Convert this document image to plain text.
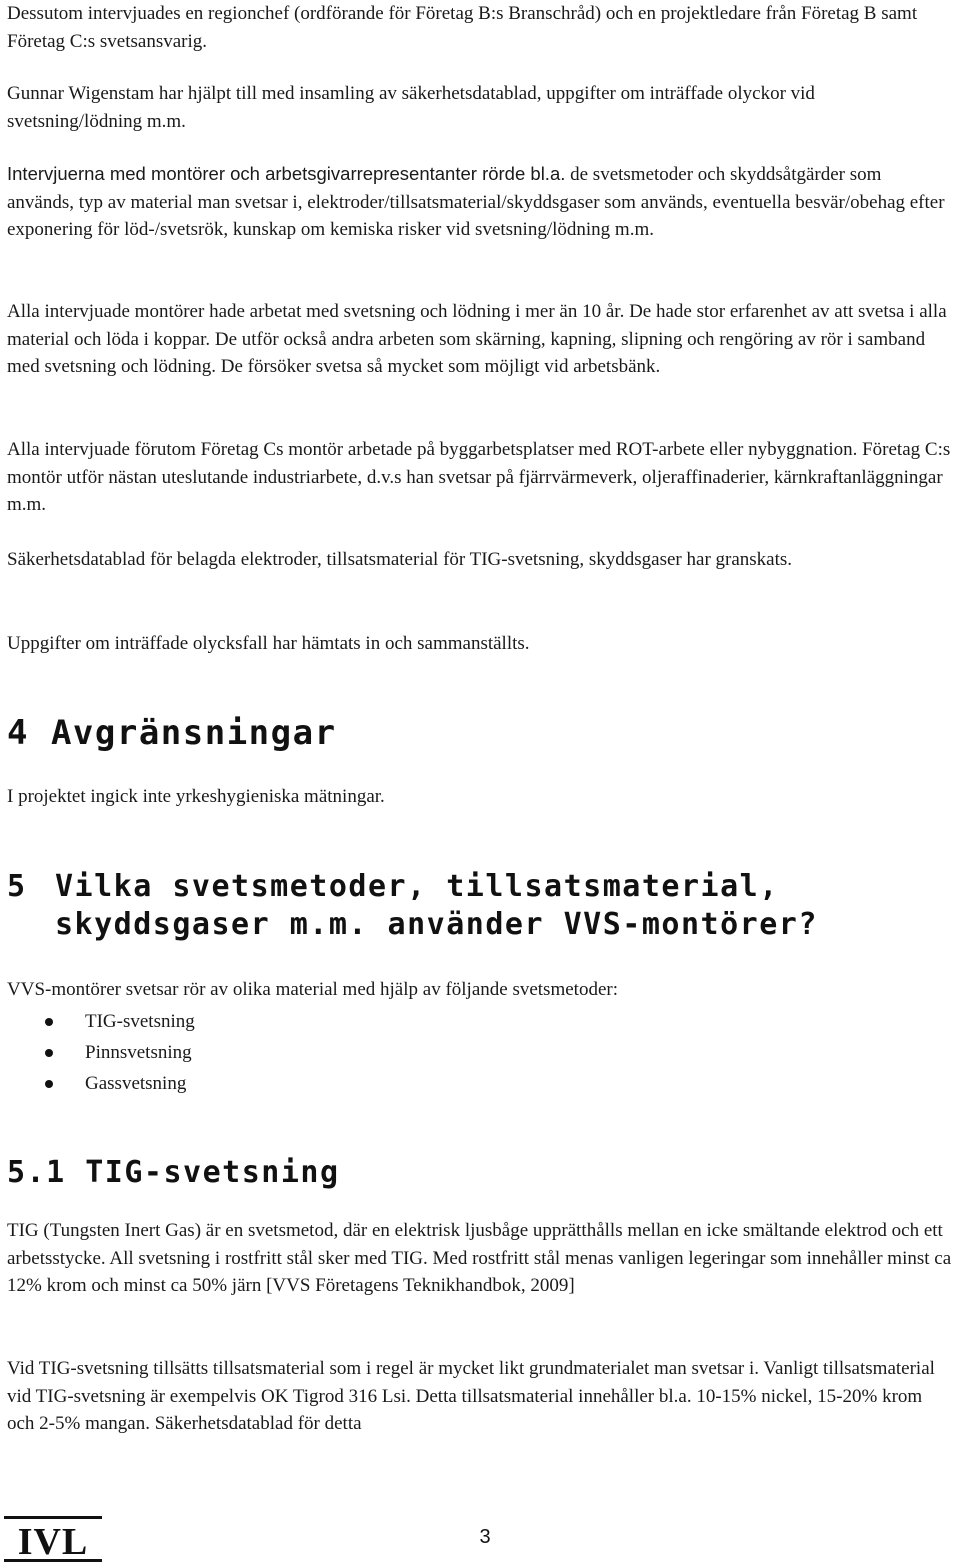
Dessutom intervjuades en regionchef (ordförande för Företag B:s Branschråd) och en projektledare från Företag B samt Företag C:s svetsansvarig.

Gunnar Wigenstam har hjälpt till med insamling av säkerhetsdatablad, uppgifter om inträffade olyckor vid svetsning/lödning m.m.

Intervjuerna med montörer och arbetsgivarrepresentanter rörde bl.a. de svetsmetoder och skyddsåtgärder som används, typ av material man svetsar i, elektroder/tillsatsmaterial/skyddsgaser som används, eventuella besvär/obehag efter exponering för löd-/svetsrök, kunskap om kemiska risker vid svetsning/lödning m.m.

Alla intervjuade montörer hade arbetat med svetsning och lödning i mer än 10 år. De hade stor erfarenhet av att svetsa i alla material och löda i koppar. De utför också andra arbeten som skärning, kapning, slipning och rengöring av rör i samband med svetsning och lödning. De försöker svetsa så mycket som möjligt vid arbetsbänk.

Alla intervjuade förutom Företag Cs montör arbetade på byggarbetsplatser med ROT-arbete eller nybyggnation. Företag C:s montör utför nästan uteslutande industriarbete, d.v.s han svetsar på fjärrvärmeverk, oljeraffinaderier, kärnkraftanläggningar m.m.

Säkerhetsdatablad för belagda elektroder, tillsatsmaterial för TIG-svetsning, skyddsgaser har granskats.

Uppgifter om inträffade olycksfall har hämtats in och sammanställts.

4 Avgränsningar

I projektet ingick inte yrkeshygieniska mätningar.

5 Vilka svetsmetoder, tillsatsmaterial,
skyddsgaser m.m. använder VVS-montörer?

VVS-montörer svetsar rör av olika material med hjälp av följande svetsmetoder:

TIG-svetsning
Pinnsvetsning
Gassvetsning
5.1 TIG-svetsning

TIG (Tungsten Inert Gas) är en svetsmetod, där en elektrisk ljusbåge upprätthålls mellan en icke smältande elektrod och ett arbetsstycke. All svetsning i rostfritt stål sker med TIG. Med rostfritt stål menas vanligen legeringar som innehåller minst ca 12% krom och minst ca 50% järn [VVS Företagens Teknikhandbok, 2009]

Vid TIG-svetsning tillsätts tillsatsmaterial som i regel är mycket likt grundmaterialet man svetsar i. Vanligt tillsatsmaterial vid TIG-svetsning är exempelvis OK Tigrod 316 Lsi. Detta tillsatsmaterial innehåller bl.a. 10-15% nickel, 15-20% krom och 2-5% mangan. Säkerhetsdatablad för detta

IVL	3
